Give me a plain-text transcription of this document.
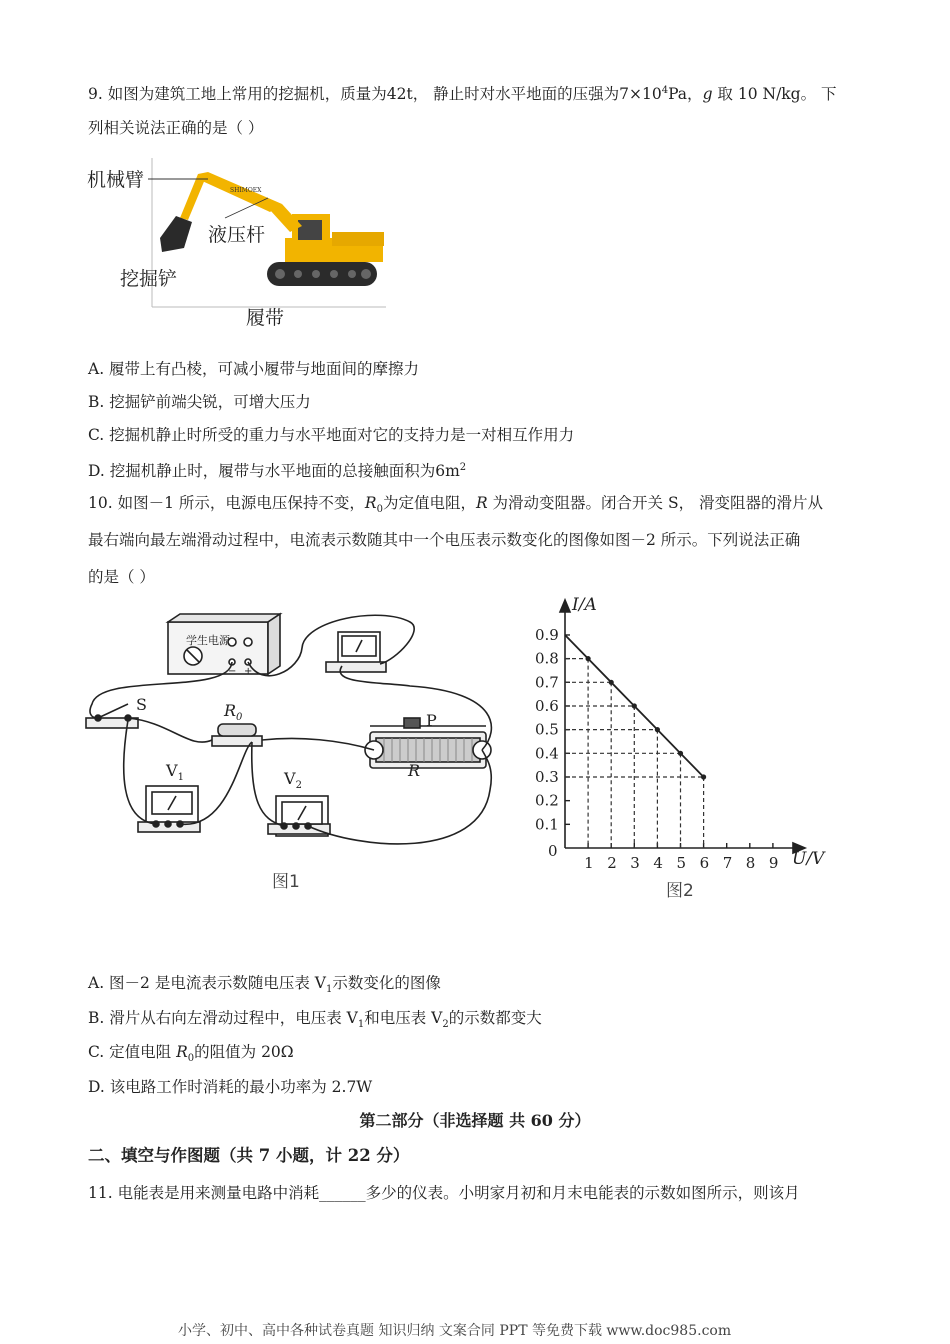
9. 如图为建筑工地上常用的挖掘机，质量为42t， 静止时对水平地面的压强为$7\times 10^4Pa$，g 取 10 N/kg。 下
列相关说法正确的是（ ）
SHIMOEX
机械臂
液压杆
挖掘铲
履带
A. 履带上有凸棱，可减小履带与地面间的摩擦力
B. 挖掘铲前端尖锐，可增大压力
C. 挖掘机静止时所受的重力与水平地面对它的支持力是一对相互作用力
D. 挖掘机静止时，履带与水平地面的总接触面积为$6m^2$
10. 如图－1 所示，电源电压保持不变，$R_0$为定值电阻，R 为滑动变阻器。闭合开关 S， 滑变阻器的滑片从
最右端向最左端滑动过程中，电流表示数随其中一个电压表示数变化的图像如图－2 所示。下列说法正确
的是（ ）
学生电源
− +
S	$R_0$	P
R
$V_1$	$V_2$
图1
1 2 3 4 5 6 7 8 9
0.1
0.2
0.3
0.4
0.5
0.6
0.7
0.8
0.9
I/A
U/V
0
图2
A. 图－2 是电流表示数随电压表 $V_1$示数变化的图像
B. 滑片从右向左滑动过程中，电压表 $V_1$和电压表 $V_2$的示数都变大
C. 定值电阻 $R_0$的阻值为 20Ω
D. 该电路工作时消耗的最小功率为 2.7W
第二部分（非选择题 共 60 分）
二、填空与作图题（共 7 小题，计 22 分）
11. 电能表是用来测量电路中消耗______多少的仪表。小明家月初和月末电能表的示数如图所示，则该月
小学、初中、高中各种试卷真题 知识归纳 文案合同 PPT 等免费下载 www.doc985.com
